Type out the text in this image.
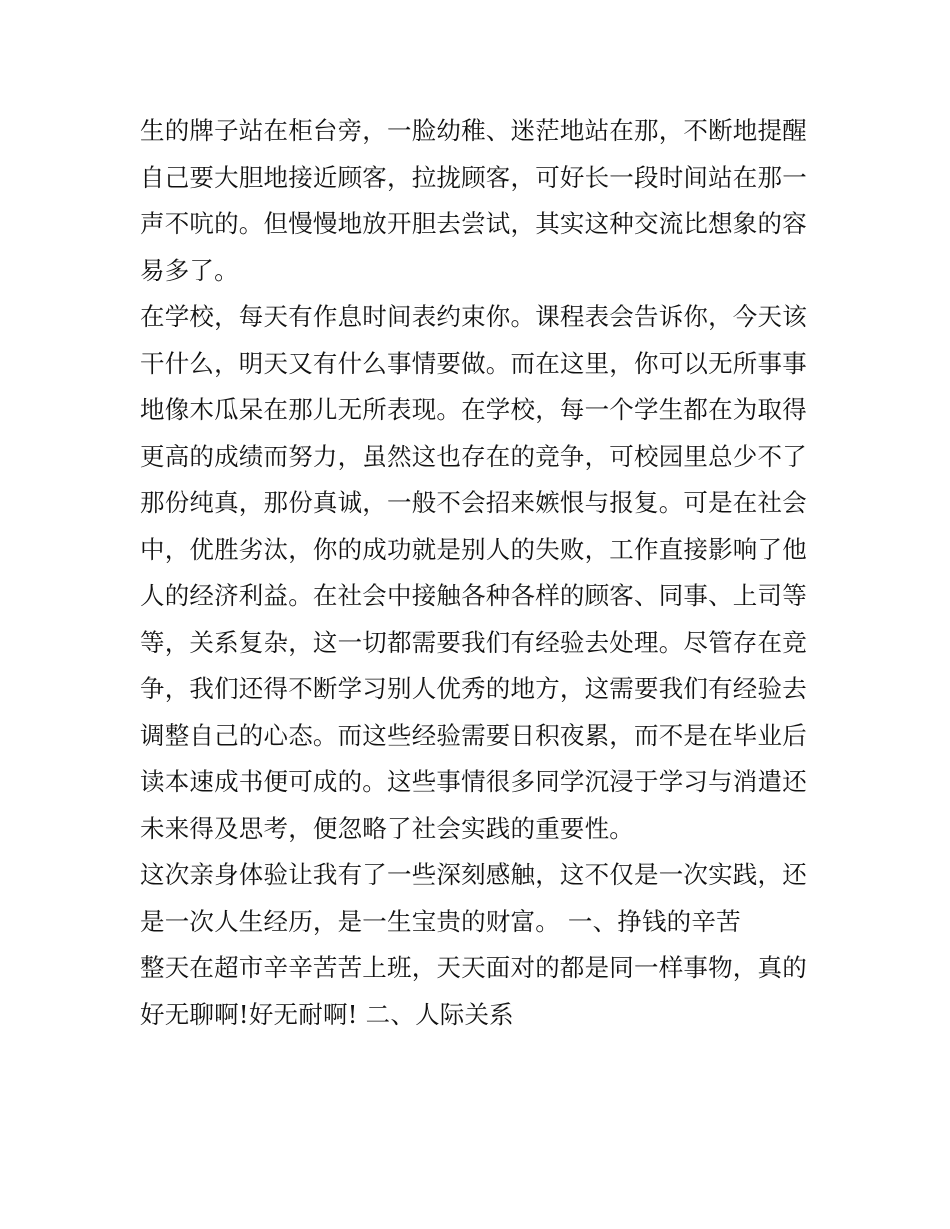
生的牌子站在柜台旁，一脸幼稚、迷茫地站在那，不断地提醒
自己要大胆地接近顾客，拉拢顾客，可好长一段时间站在那一
声不吭的。但慢慢地放开胆去尝试，其实这种交流比想象的容
易多了。
在学校，每天有作息时间表约束你。课程表会告诉你，今天该
干什么，明天又有什么事情要做。而在这里，你可以无所事事
地像木瓜呆在那儿无所表现。在学校，每一个学生都在为取得
更高的成绩而努力，虽然这也存在的竞争，可校园里总少不了
那份纯真，那份真诚，一般不会招来嫉恨与报复。可是在社会
中，优胜劣汰，你的成功就是别人的失败，工作直接影响了他
人的经济利益。在社会中接触各种各样的顾客、同事、上司等
等，关系复杂，这一切都需要我们有经验去处理。尽管存在竞
争，我们还得不断学习别人优秀的地方，这需要我们有经验去
调整自己的心态。而这些经验需要日积夜累，而不是在毕业后
读本速成书便可成的。这些事情很多同学沉浸于学习与消遣还
未来得及思考，便忽略了社会实践的重要性。
这次亲身体验让我有了一些深刻感触，这不仅是一次实践，还
是一次人生经历，是一生宝贵的财富。 一、挣钱的辛苦
整天在超市辛辛苦苦上班，天天面对的都是同一样事物，真的
好无聊啊!好无耐啊! 二、人际关系
